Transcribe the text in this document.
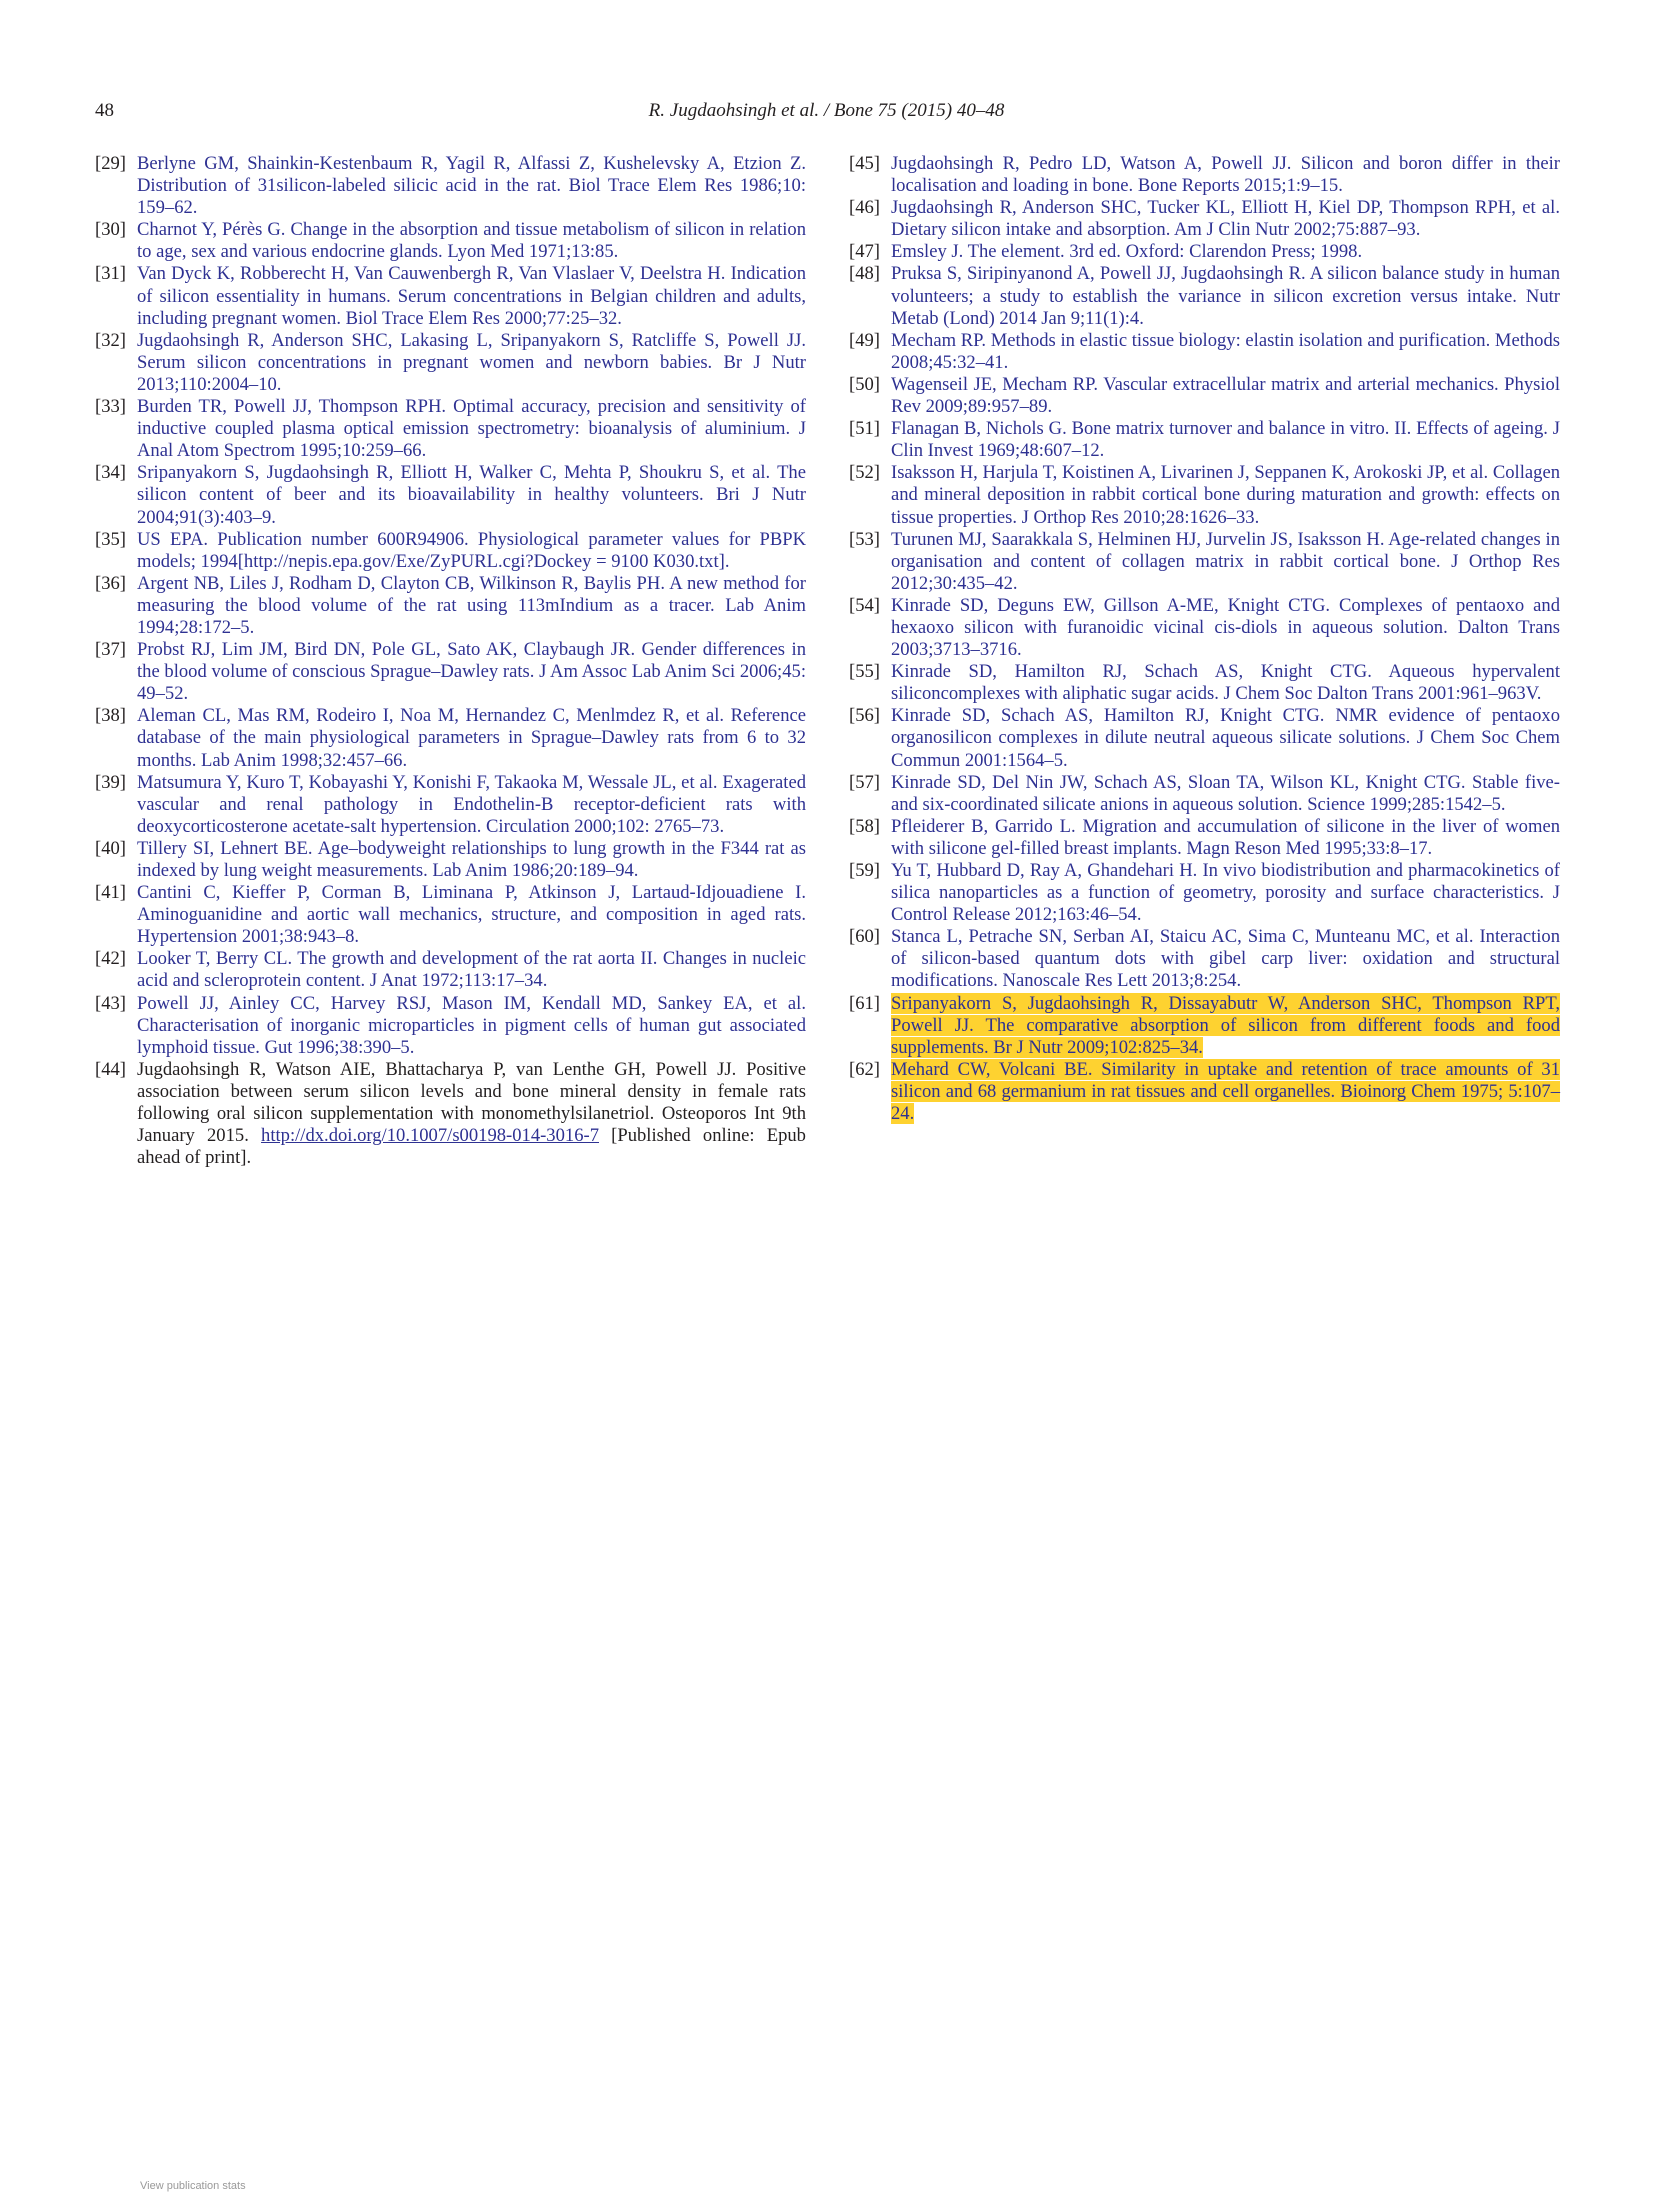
48	R. Jugdaohsingh et al. / Bone 75 (2015) 40–48
[29] Berlyne GM, Shainkin-Kestenbaum R, Yagil R, Alfassi Z, Kushelevsky A, Etzion Z. Distribution of 31silicon-labeled silicic acid in the rat. Biol Trace Elem Res 1986;10: 159–62.
[30] Charnot Y, Pérès G. Change in the absorption and tissue metabolism of silicon in relation to age, sex and various endocrine glands. Lyon Med 1971;13:85.
[31] Van Dyck K, Robberecht H, Van Cauwenbergh R, Van Vlaslaer V, Deelstra H. Indication of silicon essentiality in humans. Serum concentrations in Belgian children and adults, including pregnant women. Biol Trace Elem Res 2000;77:25–32.
[32] Jugdaohsingh R, Anderson SHC, Lakasing L, Sripanyakorn S, Ratcliffe S, Powell JJ. Serum silicon concentrations in pregnant women and newborn babies. Br J Nutr 2013;110:2004–10.
[33] Burden TR, Powell JJ, Thompson RPH. Optimal accuracy, precision and sensitivity of inductive coupled plasma optical emission spectrometry: bioanalysis of aluminium. J Anal Atom Spectrom 1995;10:259–66.
[34] Sripanyakorn S, Jugdaohsingh R, Elliott H, Walker C, Mehta P, Shoukru S, et al. The silicon content of beer and its bioavailability in healthy volunteers. Bri J Nutr 2004;91(3):403–9.
[35] US EPA. Publication number 600R94906. Physiological parameter values for PBPK models; 1994[http://nepis.epa.gov/Exe/ZyPURL.cgi?Dockey = 9100 K030.txt].
[36] Argent NB, Liles J, Rodham D, Clayton CB, Wilkinson R, Baylis PH. A new method for measuring the blood volume of the rat using 113mIndium as a tracer. Lab Anim 1994;28:172–5.
[37] Probst RJ, Lim JM, Bird DN, Pole GL, Sato AK, Claybaugh JR. Gender differences in the blood volume of conscious Sprague–Dawley rats. J Am Assoc Lab Anim Sci 2006;45: 49–52.
[38] Aleman CL, Mas RM, Rodeiro I, Noa M, Hernandez C, Menlmdez R, et al. Reference database of the main physiological parameters in Sprague–Dawley rats from 6 to 32 months. Lab Anim 1998;32:457–66.
[39] Matsumura Y, Kuro T, Kobayashi Y, Konishi F, Takaoka M, Wessale JL, et al. Exagerated vascular and renal pathology in Endothelin-B receptor-deficient rats with deoxycorticosterone acetate-salt hypertension. Circulation 2000;102: 2765–73.
[40] Tillery SI, Lehnert BE. Age–bodyweight relationships to lung growth in the F344 rat as indexed by lung weight measurements. Lab Anim 1986;20:189–94.
[41] Cantini C, Kieffer P, Corman B, Liminana P, Atkinson J, Lartaud-Idjouadiene I. Aminoguanidine and aortic wall mechanics, structure, and composition in aged rats. Hypertension 2001;38:943–8.
[42] Looker T, Berry CL. The growth and development of the rat aorta II. Changes in nucleic acid and scleroprotein content. J Anat 1972;113:17–34.
[43] Powell JJ, Ainley CC, Harvey RSJ, Mason IM, Kendall MD, Sankey EA, et al. Characterisation of inorganic microparticles in pigment cells of human gut associated lymphoid tissue. Gut 1996;38:390–5.
[44] Jugdaohsingh R, Watson AIE, Bhattacharya P, van Lenthe GH, Powell JJ. Positive association between serum silicon levels and bone mineral density in female rats following oral silicon supplementation with monomethylsilanetriol. Osteoporos Int 9th January 2015. http://dx.doi.org/10.1007/s00198-014-3016-7 [Published online: Epub ahead of print].
[45] Jugdaohsingh R, Pedro LD, Watson A, Powell JJ. Silicon and boron differ in their localisation and loading in bone. Bone Reports 2015;1:9–15.
[46] Jugdaohsingh R, Anderson SHC, Tucker KL, Elliott H, Kiel DP, Thompson RPH, et al. Dietary silicon intake and absorption. Am J Clin Nutr 2002;75:887–93.
[47] Emsley J. The element. 3rd ed. Oxford: Clarendon Press; 1998.
[48] Pruksa S, Siripinyanond A, Powell JJ, Jugdaohsingh R. A silicon balance study in human volunteers; a study to establish the variance in silicon excretion versus intake. Nutr Metab (Lond) 2014 Jan 9;11(1):4.
[49] Mecham RP. Methods in elastic tissue biology: elastin isolation and purification. Methods 2008;45:32–41.
[50] Wagenseil JE, Mecham RP. Vascular extracellular matrix and arterial mechanics. Physiol Rev 2009;89:957–89.
[51] Flanagan B, Nichols G. Bone matrix turnover and balance in vitro. II. Effects of ageing. J Clin Invest 1969;48:607–12.
[52] Isaksson H, Harjula T, Koistinen A, Livarinen J, Seppanen K, Arokoski JP, et al. Collagen and mineral deposition in rabbit cortical bone during maturation and growth: effects on tissue properties. J Orthop Res 2010;28:1626–33.
[53] Turunen MJ, Saarakkala S, Helminen HJ, Jurvelin JS, Isaksson H. Age-related changes in organisation and content of collagen matrix in rabbit cortical bone. J Orthop Res 2012;30:435–42.
[54] Kinrade SD, Deguns EW, Gillson A-ME, Knight CTG. Complexes of pentaoxo and hexaoxo silicon with furanoidic vicinal cis-diols in aqueous solution. Dalton Trans 2003;3713–3716.
[55] Kinrade SD, Hamilton RJ, Schach AS, Knight CTG. Aqueous hypervalent siliconcomplexes with aliphatic sugar acids. J Chem Soc Dalton Trans 2001:961–963V.
[56] Kinrade SD, Schach AS, Hamilton RJ, Knight CTG. NMR evidence of pentaoxo organosilicon complexes in dilute neutral aqueous silicate solutions. J Chem Soc Chem Commun 2001:1564–5.
[57] Kinrade SD, Del Nin JW, Schach AS, Sloan TA, Wilson KL, Knight CTG. Stable five- and six-coordinated silicate anions in aqueous solution. Science 1999;285:1542–5.
[58] Pfleiderer B, Garrido L. Migration and accumulation of silicone in the liver of women with silicone gel-filled breast implants. Magn Reson Med 1995;33:8–17.
[59] Yu T, Hubbard D, Ray A, Ghandehari H. In vivo biodistribution and pharmacokinetics of silica nanoparticles as a function of geometry, porosity and surface characteristics. J Control Release 2012;163:46–54.
[60] Stanca L, Petrache SN, Serban AI, Staicu AC, Sima C, Munteanu MC, et al. Interaction of silicon-based quantum dots with gibel carp liver: oxidation and structural modifications. Nanoscale Res Lett 2013;8:254.
[61] Sripanyakorn S, Jugdaohsingh R, Dissayabutr W, Anderson SHC, Thompson RPT, Powell JJ. The comparative absorption of silicon from different foods and food supplements. Br J Nutr 2009;102:825–34.
[62] Mehard CW, Volcani BE. Similarity in uptake and retention of trace amounts of 31 silicon and 68 germanium in rat tissues and cell organelles. Bioinorg Chem 1975; 5:107–24.
View publication stats
